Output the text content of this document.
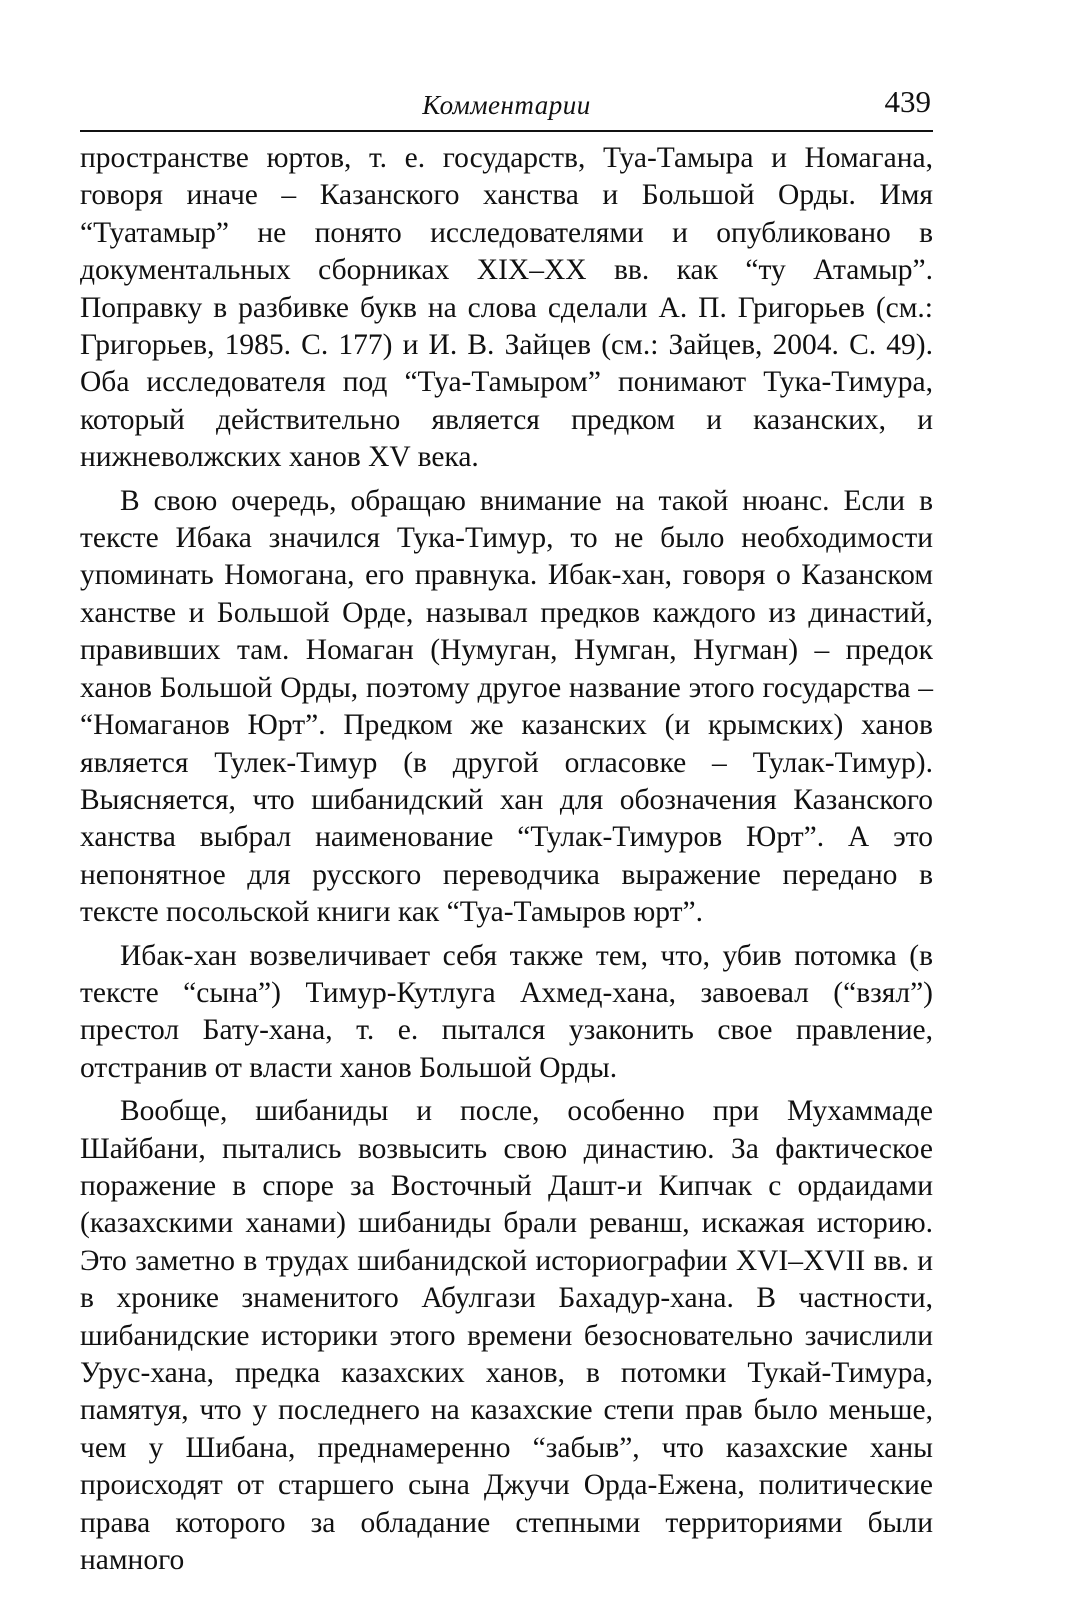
Комментарии	439

пространстве юртов, т. е. государств, Туа-Тамыра и Номагана, говоря иначе – Казанского ханства и Большой Орды. Имя “Туатамыр” не понято исследователями и опубликовано в документальных сборниках XIX–XX вв. как “ту Атамыр”. Поправку в разбивке букв на слова сделали А. П. Григорьев (см.: Григорьев, 1985. С. 177) и И. В. Зайцев (см.: Зайцев, 2004. С. 49). Оба исследователя под “Туа-Тамыром” понимают Тука-Тимура, который действительно является предком и казанских, и нижневолжских ханов XV века.

В свою очередь, обращаю внимание на такой нюанс. Если в тексте Ибака значился Тука-Тимур, то не было необходимости упоминать Номогана, его правнука. Ибак-хан, говоря о Казанском ханстве и Большой Орде, называл предков каждого из династий, правивших там. Номаган (Нумуган, Нумган, Нугман) – предок ханов Большой Орды, поэтому другое название этого государства – “Номаганов Юрт”. Предком же казанских (и крымских) ханов является Тулек-Тимур (в другой огласовке – Тулак-Тимур). Выясняется, что шибанидский хан для обозначения Казанского ханства выбрал наименование “Тулак-Тимуров Юрт”. А это непонятное для русского переводчика выражение передано в тексте посольской книги как “Туа-Тамыров юрт”.

Ибак-хан возвеличивает себя также тем, что, убив потомка (в тексте “сына”) Тимур-Кутлуга Ахмед-хана, завоевал (“взял”) престол Бату-хана, т. е. пытался узаконить свое правление, отстранив от власти ханов Большой Орды.

Вообще, шибаниды и после, особенно при Мухаммаде Шайбани, пытались возвысить свою династию. За фактическое поражение в споре за Восточный Дашт-и Кипчак с ордаидами (казахскими ханами) шибаниды брали реванш, искажая историю. Это заметно в трудах шибанидской историографии XVI–XVII вв. и в хронике знаменитого Абулгази Бахадур-хана. В частности, шибанидские историки этого времени безосновательно зачислили Урус-хана, предка казахских ханов, в потомки Тукай-Тимура, памятуя, что у последнего на казахские степи прав было меньше, чем у Шибана, преднамеренно “забыв”, что казахские ханы происходят от старшего сына Джучи Орда-Ежена, политические права которого за обладание степными территориями были намного
